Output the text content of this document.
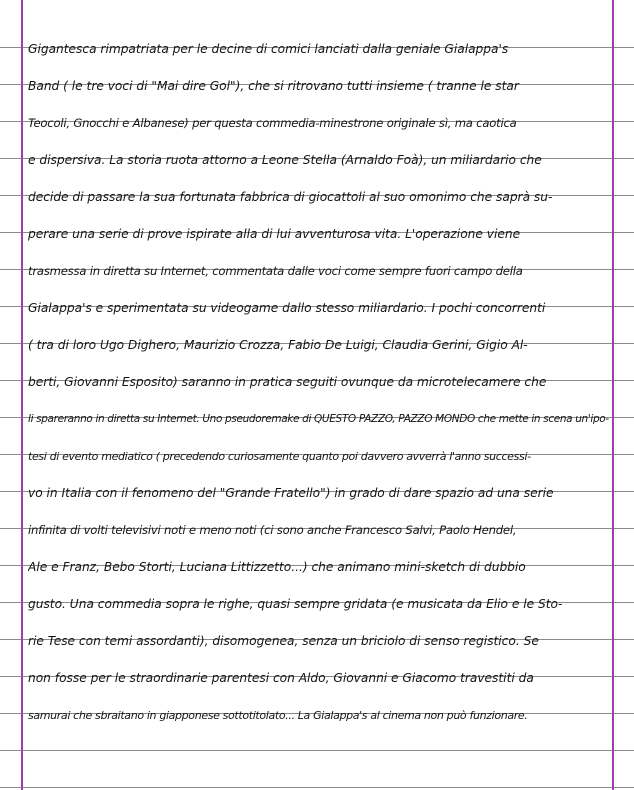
Gigantesca rimpatriata per le decine di comici lanciati dalla geniale Gialappa's
Band ( le tre voci di "Mai dire Gol"), che si ritrovano tutti insieme ( tranne le star
Teocoli, Gnocchi e Albanese) per questa commedia-minestrone originale sì, ma caotica
e dispersiva. La storia ruota attorno a Leone Stella (Arnaldo Foà), un miliardario che
decide di passare la sua fortunata fabbrica di giocattoli al suo omonimo che saprà su-
perare una serie di prove ispirate alla di lui avventurosa vita. L'operazione viene
trasmessa in diretta su Internet, commentata dalle voci come sempre fuori campo della
Gialappa's e sperimentata su videogame dallo stesso miliardario. I pochi concorrenti
( tra di loro Ugo Dighero, Maurizio Crozza, Fabio De Luigi, Claudia Gerini, Gigio Al-
berti, Giovanni Esposito) saranno in pratica seguiti ovunque da microtelecamere che
li spareranno in diretta su Internet. Uno pseudoremake di QUESTO PAZZO, PAZZO MONDO che mette in scena un'ipo-
tesi di evento mediatico ( precedendo curiosamente quanto poi davvero avverrà l'anno successi-
vo in Italia con il fenomeno del "Grande Fratello") in grado di dare spazio ad una serie
infinita di volti televisivi noti e meno noti (ci sono anche Francesco Salvi, Paolo Hendel,
Ale e Franz, Bebo Storti, Luciana Littizzetto...) che animano mini-sketch di dubbio
gusto. Una commedia sopra le righe, quasi sempre gridata (e musicata da Elio e le Sto-
rie Tese con temi assordanti), disomogenea, senza un briciolo di senso registico. Se
non fosse per le straordinarie parentesi con Aldo, Giovanni e Giacomo travestiti da
samurai che sbraitano in giapponese sottotitolato... La Gialappa's al cinema non può funzionare.
